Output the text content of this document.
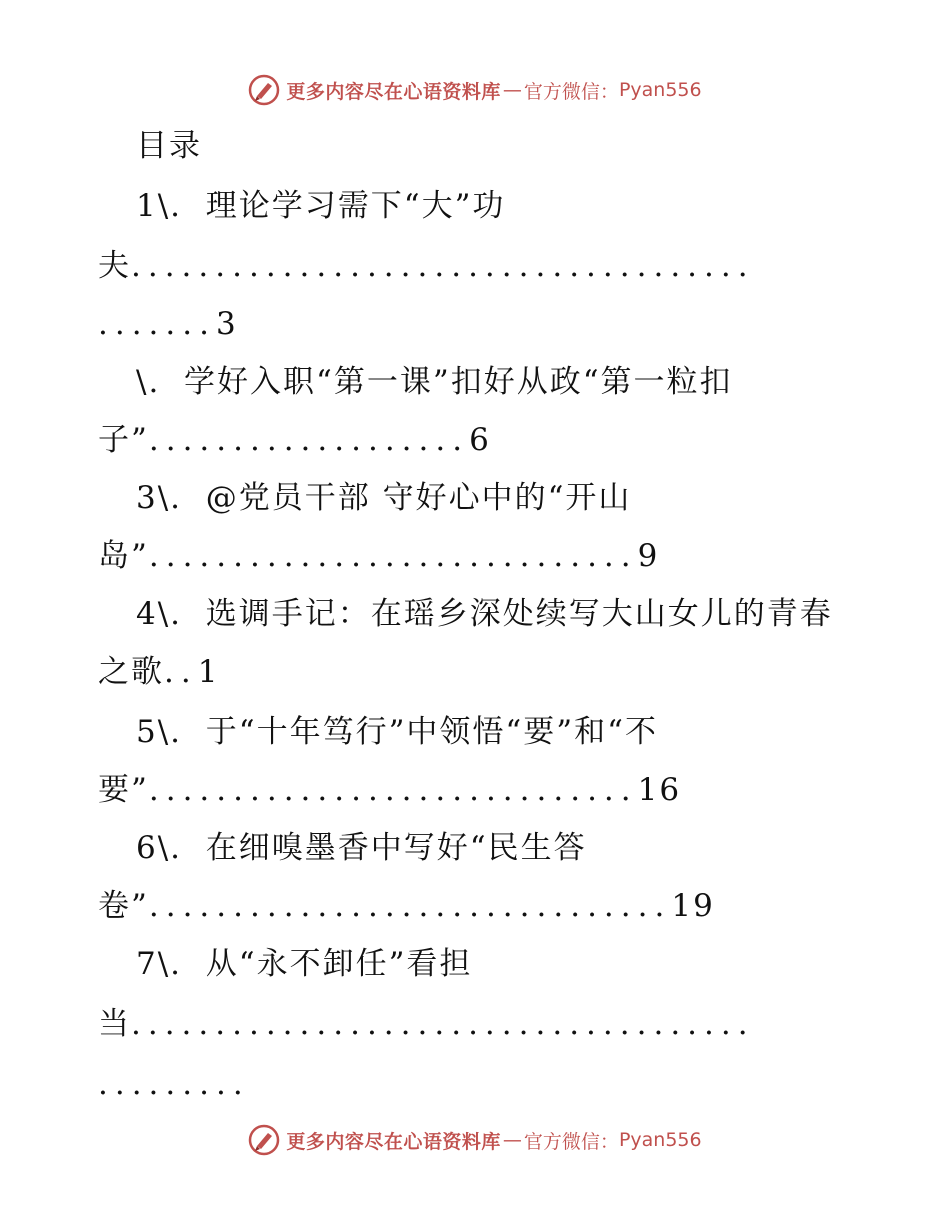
更多内容尽在心语资料库 — 官方微信： Pyan556
目录
1\.  理论学习需下“大”功
夫.....................................
.......3
\.  学好入职“第一课”扣好从政“第一粒扣
子”...................6
3\.  @党员干部 守好心中的“开山
岛”.............................9
4\.  选调手记：在瑶乡深处续写大山女儿的青春
之歌..1
5\.  于“十年笃行”中领悟“要”和“不
要”.............................16
6\.  在细嗅墨香中写好“民生答
卷”...............................19
7\.  从“永不卸任”看担
当.....................................
.........
更多内容尽在心语资料库 — 官方微信： Pyan556
